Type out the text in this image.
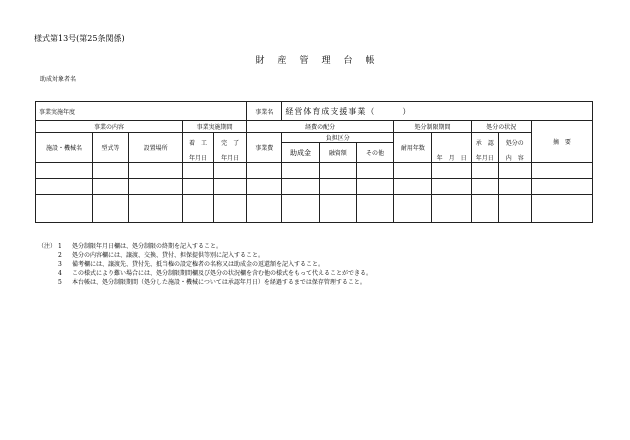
様式第13号(第25条関係)
財産管理台帳
助成対象者名
事業実施年度					事業名	経営体育成支援事業（　　　）							
事業の内容			事業実施期間		経費の配分				処分制限期間		処分の状況		摘　要
施設・機械名	型式等	設置場所	着　工	完　了	事業費	負担区分			耐用年数		承　認	処分の	
						助成金	融資額	その他					
			年月日	年月日						年　月　日	年月日	内　容	

（注） 1	処分制限年月日欄は、処分制限の終期を記入すること。
2	処分の内容欄には、譲渡、交換、貸付、担保提供等別に記入すること。
3	備考欄には、譲渡先、貸付先、抵当権の設定権者の名称又は助成金の返還額を記入すること。
4	この様式により難い場合には、処分制限期間欄及び処分の状況欄を含む他の様式をもって代えることができる。
5	本台帳は、処分制限期間（処分した施設・機械については承認年月日）を経過するまでは保存管理すること。
